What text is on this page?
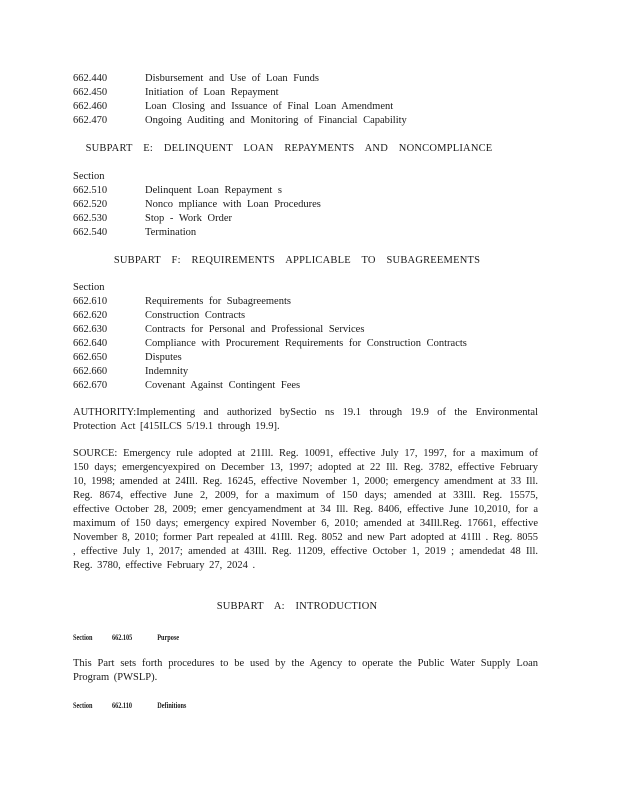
662.440	Disbursement and Use of Loan Funds
662.450	Initiation of Loan Repayment
662.460	Loan Closing and Issuance of Final Loan Amendment
662.470	Ongoing Auditing and Monitoring of Financial Capability
SUBPART E: DELINQUENT LOAN REPAYMENTS AND NONCOMPLIANCE
Section
662.510	Delinquent Loan Repayment s
662.520	Nonco mpliance with Loan Procedures
662.530	Stop - Work Order
662.540	Termination
SUBPART F: REQUIREMENTS APPLICABLE TO SUBAGREEMENTS
Section
662.610	Requirements for Subagreements
662.620	Construction Contracts
662.630	Contracts for Personal and Professional Services
662.640	Compliance with Procurement Requirements for Construction Contracts
662.650	Disputes
662.660	Indemnity
662.670	Covenant Against Contingent Fees
AUTHORITY:Implementing and authorized bySectio ns 19.1 through 19.9 of the Environmental Protection Act [415ILCS 5/19.1 through 19.9].
SOURCE: Emergency rule adopted at 21Ill. Reg. 10091, effective July 17, 1997, for a maximum of 150 days; emergencyexpired on December 13, 1997; adopted at 22 Ill. Reg. 3782, effective February 10, 1998; amended at 24Ill. Reg. 16245, effective November 1, 2000; emergency amendment at 33 Ill. Reg. 8674, effective June 2, 2009, for a maximum of 150 days; amended at 33Ill. Reg. 15575, effective October 28, 2009; emer gencyamendment at 34 Ill. Reg. 8406, effective June 10,2010, for a maximum of 150 days; emergency expired November 6, 2010; amended at 34Ill.Reg. 17661, effective November 8, 2010; former Part repealed at 41Ill. Reg. 8052 and new Part adopted at 41Ill . Reg. 8055 , effective July 1, 2017; amended at 43Ill. Reg. 11209, effective October 1, 2019 ; amendedat 48 Ill. Reg. 3780, effective February 27, 2024 .
SUBPART A: INTRODUCTION
Section 662.105	Purpose
This Part sets forth procedures to be used by the Agency to operate the Public Water Supply Loan Program (PWSLP).
Section 662.110	Definitions
